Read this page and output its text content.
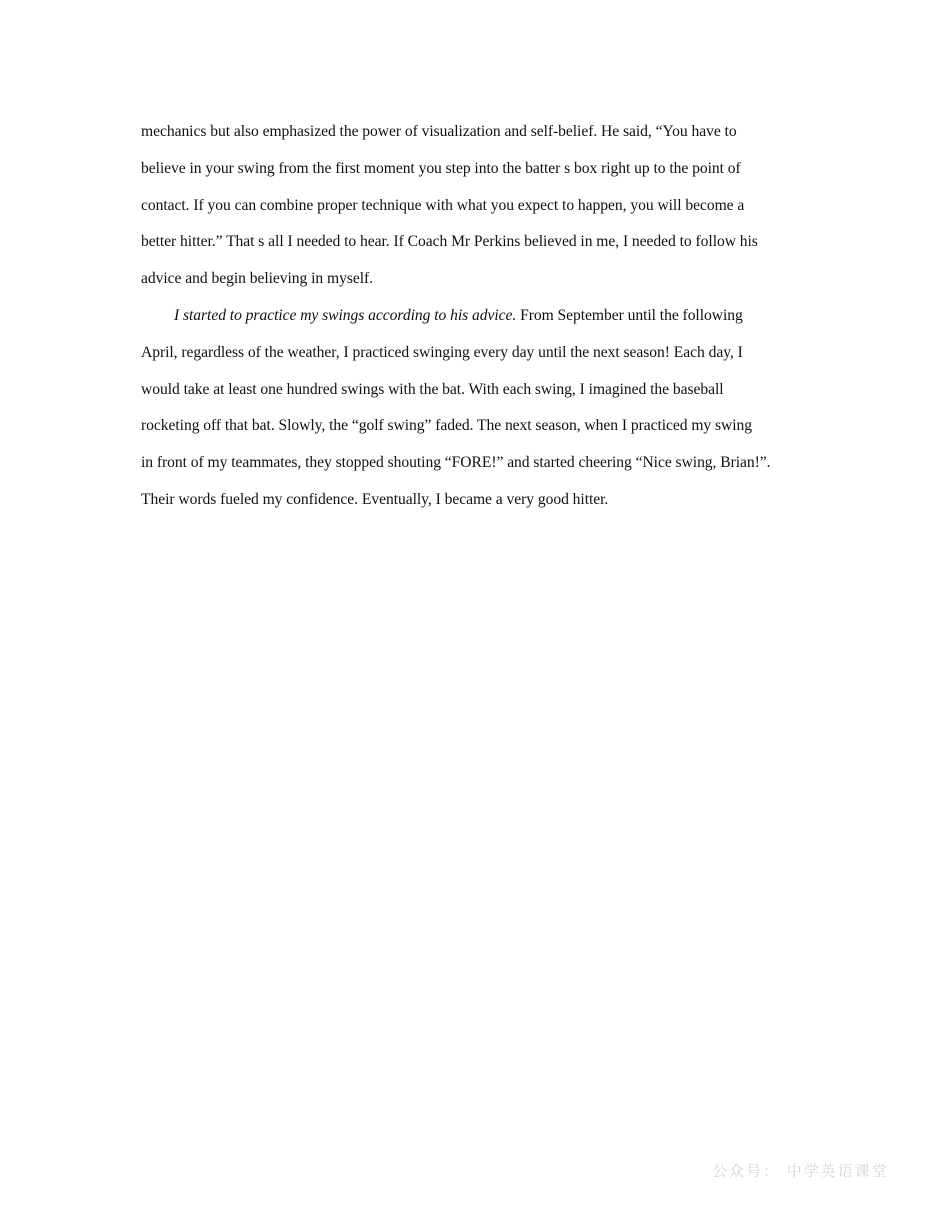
mechanics but also emphasized the power of visualization and self-belief. He said, “You have to
believe in your swing from the first moment you step into the batter s box right up to the point of
contact. If you can combine proper technique with what you expect to happen, you will become a
better hitter.” That s all I needed to hear. If Coach Mr Perkins believed in me, I needed to follow his
advice and begin believing in myself.
I started to practice my swings according to his advice. From September until the following
April, regardless of the weather, I practiced swinging every day until the next season! Each day, I
would take at least one hundred swings with the bat. With each swing, I imagined the baseball
rocketing off that bat. Slowly, the “golf swing” faded. The next season, when I practiced my swing
in front of my teammates, they stopped shouting “FORE!” and started cheering “Nice swing, Brian!”.
Their words fueled my confidence. Eventually, I became a very good hitter.
公众号： 中学英语课堂
